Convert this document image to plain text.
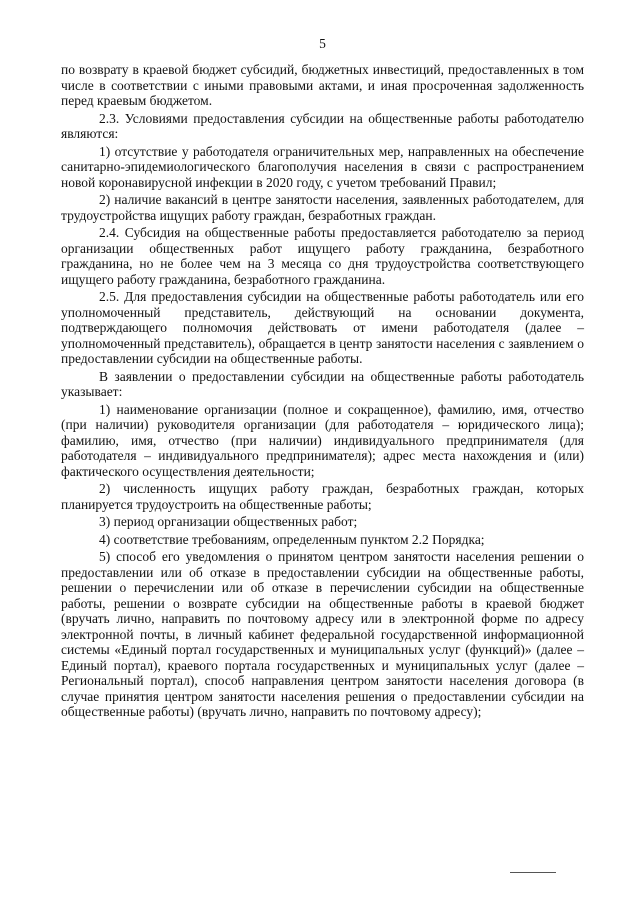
5

по возврату в краевой бюджет субсидий, бюджетных инвестиций, предоставленных в том числе в соответствии с иными правовыми актами, и иная просроченная задолженность перед краевым бюджетом.

2.3. Условиями предоставления субсидии на общественные работы работодателю являются:

1) отсутствие у работодателя ограничительных мер, направленных на обеспечение санитарно-эпидемиологического благополучия населения в связи с распространением новой коронавирусной инфекции в 2020 году, с учетом требований Правил;

2) наличие вакансий в центре занятости населения, заявленных работодателем, для трудоустройства ищущих работу граждан, безработных граждан.

2.4. Субсидия на общественные работы предоставляется работодателю за период организации общественных работ ищущего работу гражданина, безработного гражданина, но не более чем на 3 месяца со дня трудоустройства соответствующего ищущего работу гражданина, безработного гражданина.

2.5. Для предоставления субсидии на общественные работы работодатель или его уполномоченный представитель, действующий на основании документа, подтверждающего полномочия действовать от имени работодателя (далее – уполномоченный представитель), обращается в центр занятости населения с заявлением о предоставлении субсидии на общественные работы.

В заявлении о предоставлении субсидии на общественные работы работодатель указывает:

1) наименование организации (полное и сокращенное), фамилию, имя, отчество (при наличии) руководителя организации (для работодателя – юридического лица); фамилию, имя, отчество (при наличии) индивидуального предпринимателя (для работодателя – индивидуального предпринимателя); адрес места нахождения и (или) фактического осуществления деятельности;

2) численность ищущих работу граждан, безработных граждан, которых планируется трудоустроить на общественные работы;

3) период организации общественных работ;

4) соответствие требованиям, определенным пунктом 2.2 Порядка;

5) способ его уведомления о принятом центром занятости населения решении о предоставлении или об отказе в предоставлении субсидии на общественные работы, решении о перечислении или об отказе в перечислении субсидии на общественные работы, решении о возврате субсидии на общественные работы в краевой бюджет (вручать лично, направить по почтовому адресу или в электронной форме по адресу электронной почты, в личный кабинет федеральной государственной информационной системы «Единый портал государственных и муниципальных услуг (функций)» (далее – Единый портал), краевого портала государственных и муниципальных услуг (далее – Региональный портал), способ направления центром занятости населения договора (в случае принятия центром занятости населения решения о предоставлении субсидии на общественные работы) (вручать лично, направить по почтовому адресу);
